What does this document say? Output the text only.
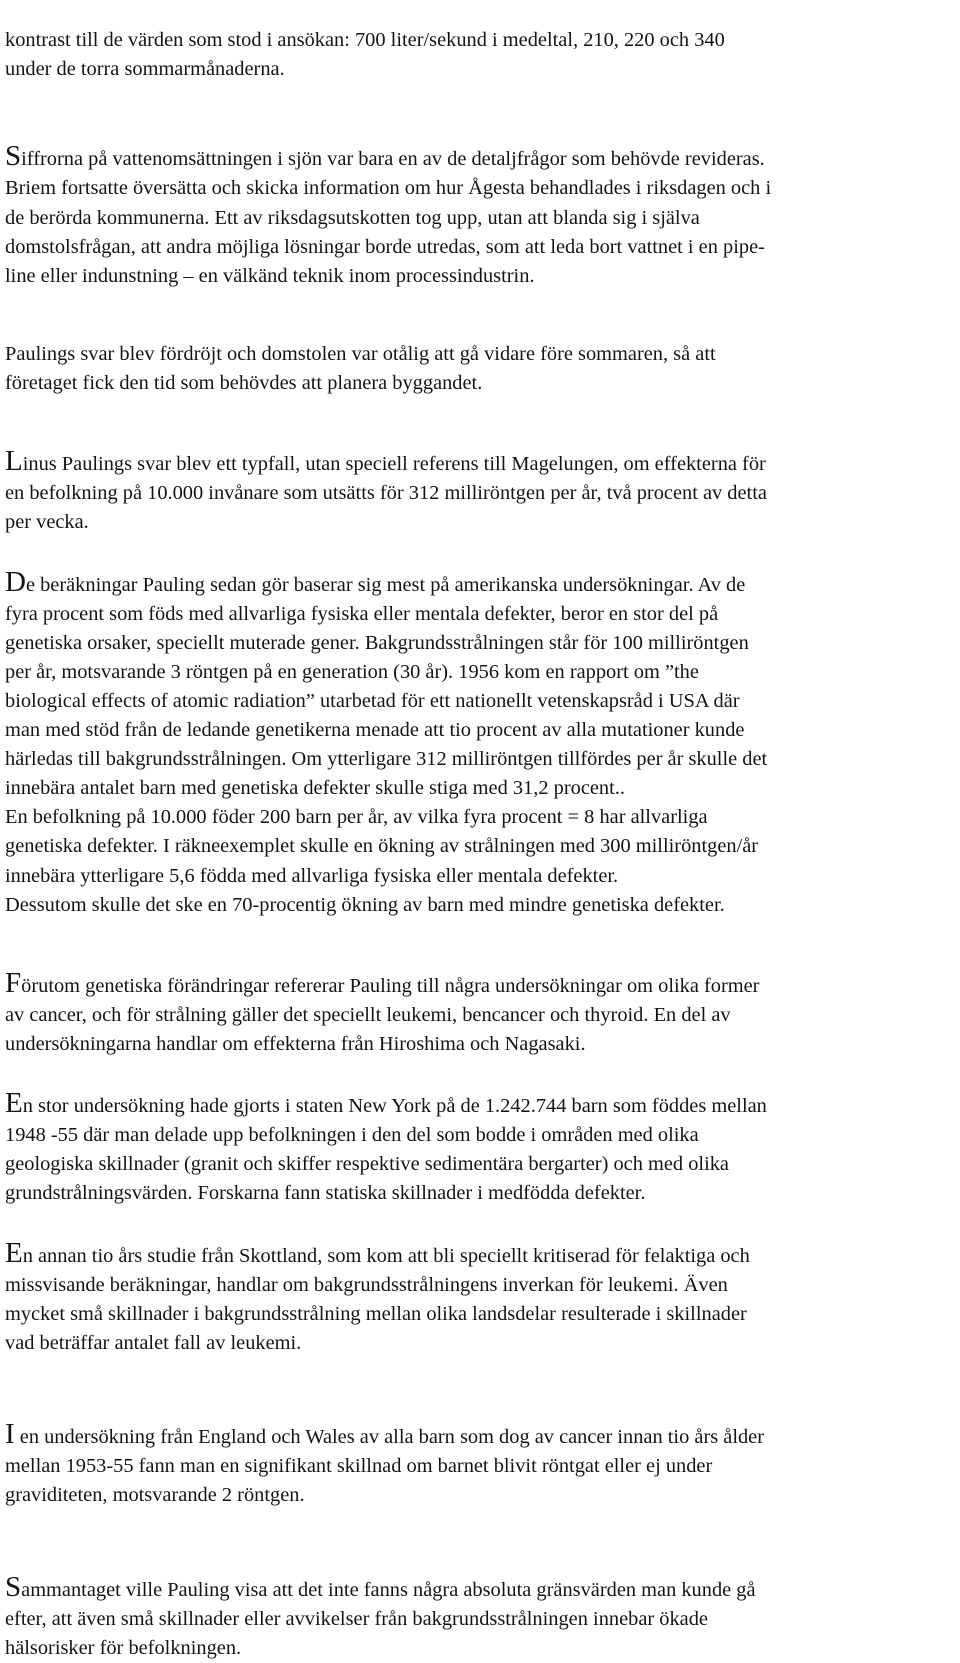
kontrast till de värden som stod i ansökan: 700 liter/sekund i medeltal, 210, 220 och 340
under de torra sommarmånaderna.

Siffrorna på vattenomsättningen i sjön var bara en av de detaljfrågor som behövde revideras.
Briem fortsatte översätta och skicka information om hur Ågesta behandlades i riksdagen och i
de berörda kommunerna. Ett av riksdagsutskotten tog upp, utan att blanda sig i själva
domstolsfrågan, att andra möjliga lösningar borde utredas, som att leda bort vattnet i en pipe-
line eller indunstning – en välkänd teknik inom processindustrin.

Paulings svar blev fördröjt och domstolen var otålig att gå vidare före sommaren, så att
företaget fick den tid som behövdes att planera byggandet.

Linus Paulings svar blev ett typfall, utan speciell referens till Magelungen, om effekterna för
en befolkning på 10.000 invånare som utsätts för 312 milliröntgen per år, två procent av detta
per vecka.

De beräkningar Pauling sedan gör baserar sig mest på amerikanska undersökningar. Av de
fyra procent som föds med allvarliga fysiska eller mentala defekter, beror en stor del på
genetiska orsaker, speciellt muterade gener. Bakgrundsstrålningen står för 100 milliröntgen
per år, motsvarande 3 röntgen på en generation (30 år). 1956 kom en rapport om ”the
biological effects of atomic radiation” utarbetad för ett nationellt vetenskapsråd i USA där
man med stöd från de ledande genetikerna menade att tio procent av alla mutationer kunde
härledas till bakgrundsstrålningen. Om ytterligare 312 milliröntgen tillfördes per år skulle det
innebära antalet barn med genetiska defekter skulle stiga med 31,2 procent..
En befolkning på 10.000 föder 200 barn per år, av vilka fyra procent = 8 har allvarliga
genetiska defekter. I räkneexemplet skulle en ökning av strålningen med 300 milliröntgen/år
innebära ytterligare 5,6 födda med allvarliga fysiska eller mentala defekter.
Dessutom skulle det ske en 70-procentig ökning av barn med mindre genetiska defekter.

Förutom genetiska förändringar refererar Pauling till några undersökningar om olika former
av cancer, och för strålning gäller det speciellt leukemi, bencancer och thyroid. En del av
undersökningarna handlar om effekterna från Hiroshima och Nagasaki.

En stor undersökning hade gjorts i staten New York på de 1.242.744 barn som föddes mellan
1948 -55 där man delade upp befolkningen i den del som bodde i områden med olika
geologiska skillnader (granit och skiffer respektive sedimentära bergarter) och med olika
grundstrålningsvärden. Forskarna fann statiska skillnader i medfödda defekter.

En annan tio års studie från Skottland, som kom att bli speciellt kritiserad för felaktiga och
missvisande beräkningar, handlar om bakgrundsstrålningens inverkan för leukemi. Även
mycket små skillnader i bakgrundsstrålning mellan olika landsdelar resulterade i skillnader
vad beträffar antalet fall av leukemi.

I en undersökning från England och Wales av alla barn som dog av cancer innan tio års ålder
mellan 1953-55 fann man en signifikant skillnad om barnet blivit röntgat eller ej under
graviditeten, motsvarande 2 röntgen.

Sammantaget ville Pauling visa att det inte fanns några absoluta gränsvärden man kunde gå
efter, att även små skillnader eller avvikelser från bakgrundsstrålningen innebar ökade
hälsorisker för befolkningen.
